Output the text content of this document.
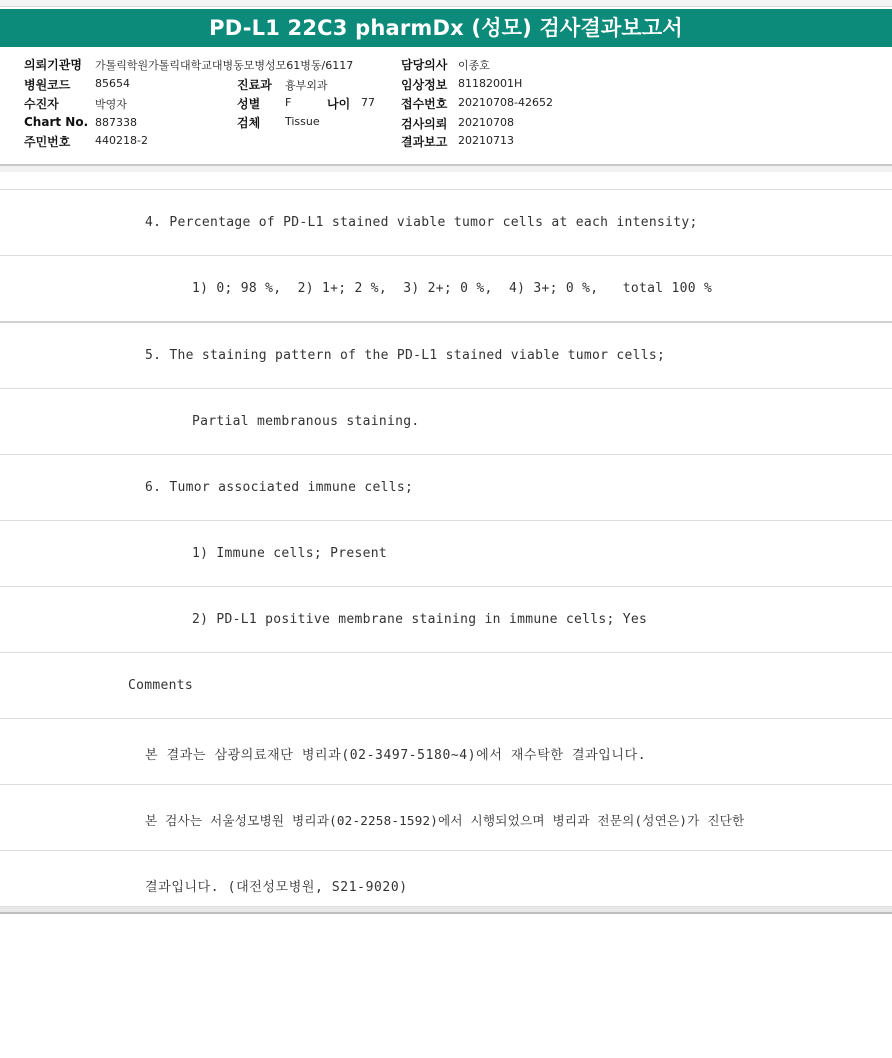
PD-L1 22C3 pharmDx (성모) 검사결과보고서
의뢰기관명 가톨릭학원가톨릭대학교대병동모병성모61병동/6117
병원코드 85654
수진자	박영자
Chart No. 887338
주민번호 440218-2
진료과 흉부외과
성별 F	나이 77
검체 Tissue
담당의사 이종호
임상정보 81182001H
접수번호 20210708-42652
검사의뢰 20210708
결과보고 20210713
4. Percentage of PD-L1 stained viable tumor cells at each intensity;
1) 0; 98 %,  2) 1+; 2 %,  3) 2+; 0 %,  4) 3+; 0 %,   total 100 %
5. The staining pattern of the PD-L1 stained viable tumor cells;
Partial membranous staining.
6. Tumor associated immune cells;
1) Immune cells; Present
2) PD-L1 positive membrane staining in immune cells; Yes
Comments
본 결과는 삼광의료재단 병리과(02-3497-5180~4)에서 재수탁한 결과입니다.
본 검사는 서울성모병원 병리과(02-2258-1592)에서 시행되었으며 병리과 전문의(성연은)가 진단한
결과입니다. (대전성모병원, S21-9020)
